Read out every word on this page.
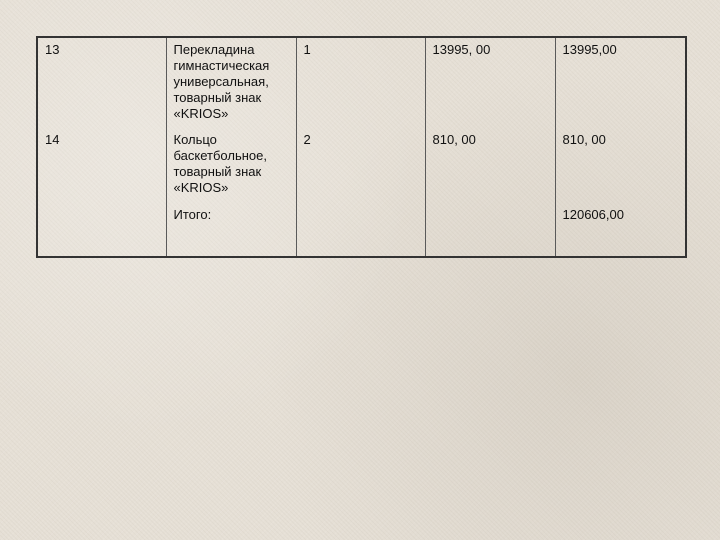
13	Перекладина
гимнастическая
универсальная,
товарный знак
«KRIOS»	1	13995, 00	13995,00
14	Кольцо
баскетбольное,
товарный знак
«KRIOS»	2	810, 00	810, 00
	Итого:			120606,00
